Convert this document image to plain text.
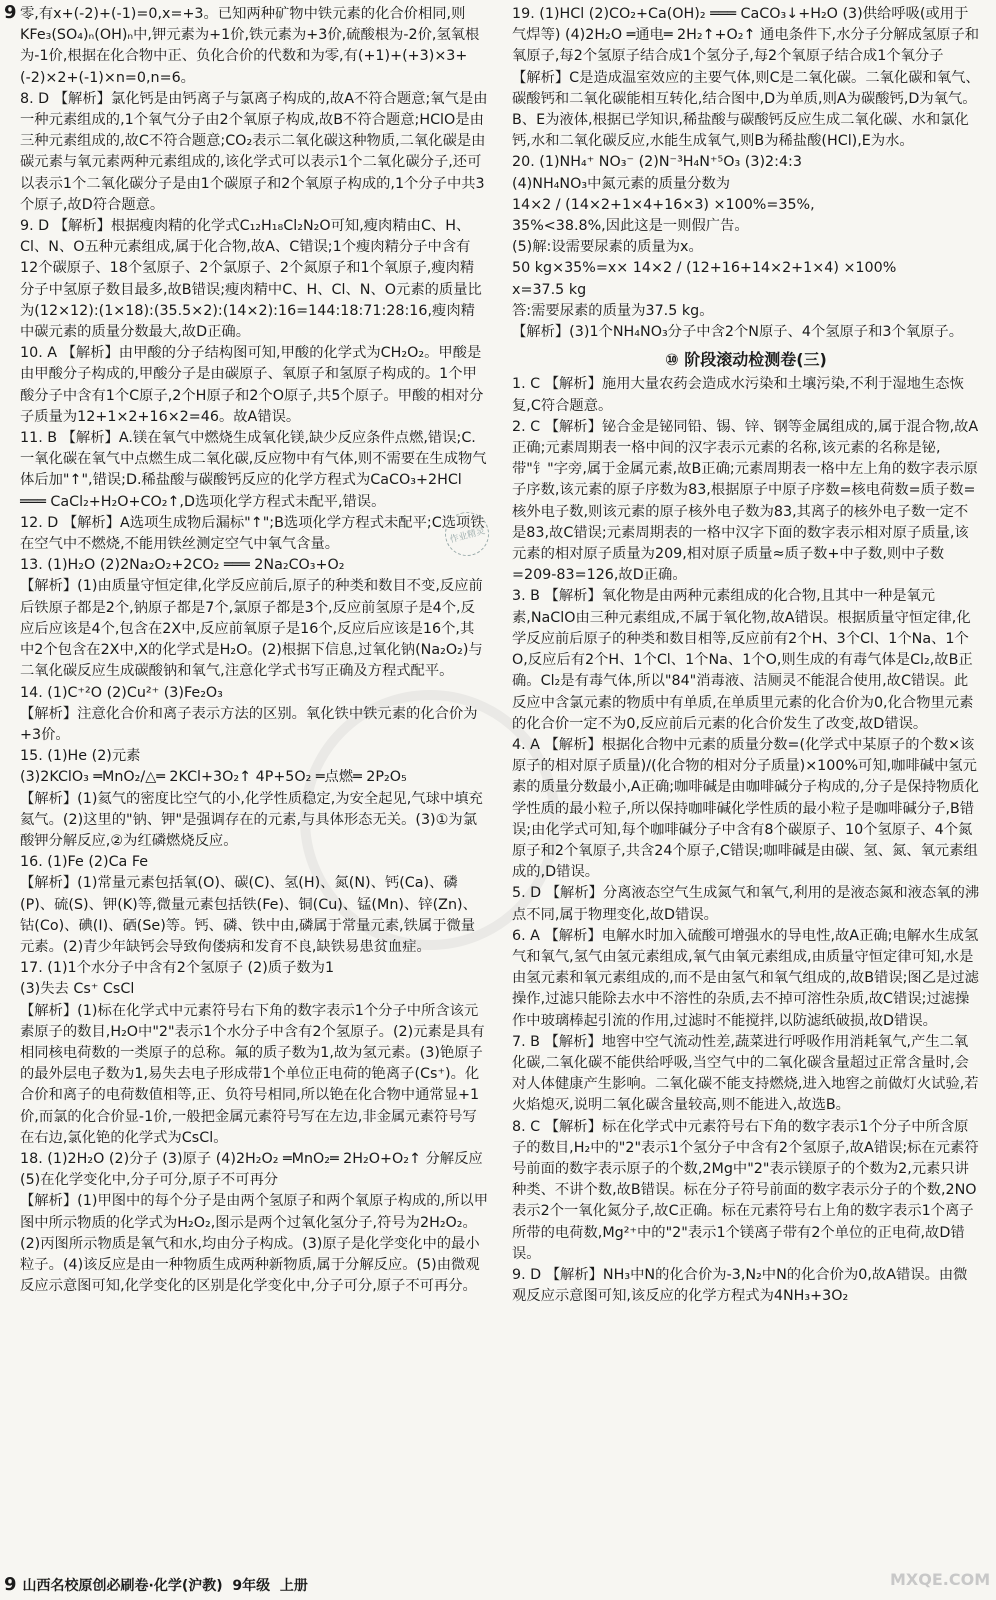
9 零,有x+(-2)+(-1)=0,x=+3。已知两种矿物中铁元素的化合价相同,则KFe₃(SO₄)ₙ(OH)ₙ中,钾元素为+1价,铁元素为+3价,硫酸根为-2价,氢氧根为-1价,根据在化合物中正、负化合价的代数和为零,有(+1)+(+3)×3+(-2)×2+(-1)×n=0,n=6。

8. D 【解析】氯化钙是由钙离子与氯离子构成的,故A不符合题意;氧气是由一种元素组成的,1个氧气分子由2个氧原子构成,故B不符合题意;HClO是由三种元素组成的,故C不符合题意;CO₂表示二氧化碳这种物质,二氧化碳是由碳元素与氧元素两种元素组成的,该化学式可以表示1个二氧化碳分子,还可以表示1个二氧化碳分子是由1个碳原子和2个氧原子构成的,1个分子中共3个原子,故D符合题意。

9. D 【解析】根据瘦肉精的化学式C₁₂H₁₈Cl₂N₂O可知,瘦肉精由C、H、Cl、N、O五种元素组成,属于化合物,故A、C错误;1个瘦肉精分子中含有12个碳原子、18个氢原子、2个氯原子、2个氮原子和1个氧原子,瘦肉精分子中氢原子数目最多,故B错误;瘦肉精中C、H、Cl、N、O元素的质量比为(12×12):(1×18):(35.5×2):(14×2):16=144:18:71:28:16,瘦肉精中碳元素的质量分数最大,故D正确。

10. A 【解析】由甲酸的分子结构图可知,甲酸的化学式为CH₂O₂。甲酸是由甲酸分子构成的,甲酸分子是由碳原子、氧原子和氢原子构成的。1个甲酸分子中含有1个C原子,2个H原子和2个O原子,共5个原子。甲酸的相对分子质量为12+1×2+16×2=46。故A错误。

11. B 【解析】A.镁在氧气中燃烧生成氧化镁,缺少反应条件点燃,错误;C.一氧化碳在氧气中点燃生成二氧化碳,反应物中有气体,则不需要在生成物气体后加"↑",错误;D.稀盐酸与碳酸钙反应的化学方程式为CaCO₃+2HCl ═══ CaCl₂+H₂O+CO₂↑,D选项化学方程式未配平,错误。

12. D 【解析】A选项生成物后漏标"↑";B选项化学方程式未配平;C选项铁在空气中不燃烧,不能用铁丝测定空气中氧气含量。

13. (1)H₂O (2)2Na₂O₂+2CO₂ ═══ 2Na₂CO₃+O₂

【解析】(1)由质量守恒定律,化学反应前后,原子的种类和数目不变,反应前后铁原子都是2个,钠原子都是7个,氯原子都是3个,反应前氢原子是4个,反应后应该是4个,包含在2X中,反应前氧原子是16个,反应后应该是16个,其中2个包含在2X中,X的化学式是H₂O。(2)根据下信息,过氧化钠(Na₂O₂)与二氧化碳反应生成碳酸钠和氧气,注意化学式书写正确及方程式配平。

14. (1)C⁺²O (2)Cu²⁺ (3)Fe₂O₃

【解析】注意化合价和离子表示方法的区别。氧化铁中铁元素的化合价为+3价。

15. (1)He (2)元素

(3)2KClO₃ ═MnO₂/△═ 2KCl+3O₂↑ 4P+5O₂ ═点燃═ 2P₂O₅

【解析】(1)氦气的密度比空气的小,化学性质稳定,为安全起见,气球中填充氦气。(2)这里的"钠、钾"是强调存在的元素,与具体形态无关。(3)①为氯酸钾分解反应,②为红磷燃烧反应。

16. (1)Fe (2)Ca Fe

【解析】(1)常量元素包括氧(O)、碳(C)、氢(H)、氮(N)、钙(Ca)、磷(P)、硫(S)、钾(K)等,微量元素包括铁(Fe)、铜(Cu)、锰(Mn)、锌(Zn)、钴(Co)、碘(I)、硒(Se)等。钙、磷、铁中由,磷属于常量元素,铁属于微量元素。(2)青少年缺钙会导致佝偻病和发育不良,缺铁易患贫血症。

17. (1)1个水分子中含有2个氢原子 (2)质子数为1

(3)失去 Cs⁺ CsCl

【解析】(1)标在化学式中元素符号右下角的数字表示1个分子中所含该元素原子的数目,H₂O中"2"表示1个水分子中含有2个氢原子。(2)元素是具有相同核电荷数的一类原子的总称。氟的质子数为1,故为氢元素。(3)铯原子的最外层电子数为1,易失去电子形成带1个单位正电荷的铯离子(Cs⁺)。化合价和离子的电荷数值相等,正、负符号相同,所以铯在化合物中通常显+1价,而氯的化合价显-1价,一般把金属元素符号写在左边,非金属元素符号写在右边,氯化铯的化学式为CsCl。

18. (1)2H₂O (2)分子 (3)原子 (4)2H₂O₂ ═MnO₂═ 2H₂O+O₂↑ 分解反应 (5)在化学变化中,分子可分,原子不可再分

【解析】(1)甲图中的每个分子是由两个氢原子和两个氧原子构成的,所以甲图中所示物质的化学式为H₂O₂,图示是两个过氧化氢分子,符号为2H₂O₂。(2)丙图所示物质是氧气和水,均由分子构成。(3)原子是化学变化中的最小粒子。(4)该反应是由一种物质生成两种新物质,属于分解反应。(5)由微观反应示意图可知,化学变化的区别是化学变化中,分子可分,原子不可再分。

作业精灵

19. (1)HCl (2)CO₂+Ca(OH)₂ ═══ CaCO₃↓+H₂O (3)供给呼吸(或用于气焊等) (4)2H₂O ═通电═ 2H₂↑+O₂↑ 通电条件下,水分子分解成氢原子和氧原子,每2个氢原子结合成1个氢分子,每2个氧原子结合成1个氧分子

【解析】C是造成温室效应的主要气体,则C是二氧化碳。二氧化碳和氧气、碳酸钙和二氧化碳能相互转化,结合图中,D为单质,则A为碳酸钙,D为氧气。B、E为液体,根据已学知识,稀盐酸与碳酸钙反应生成二氧化碳、水和氯化钙,水和二氧化碳反应,水能生成氧气,则B为稀盐酸(HCl),E为水。

20. (1)NH₄⁺ NO₃⁻ (2)N⁻³H₄N⁺⁵O₃ (3)2:4:3

(4)NH₄NO₃中氮元素的质量分数为

14×2 / (14×2+1×4+16×3) ×100%=35%,

35%<38.8%,因此这是一则假广告。

(5)解:设需要尿素的质量为x。

50 kg×35%=x× 14×2 / (12+16+14×2+1×4) ×100%

x=37.5 kg

答:需要尿素的质量为37.5 kg。

【解析】(3)1个NH₄NO₃分子中含2个N原子、4个氢原子和3个氧原子。

⑩ 阶段滚动检测卷(三)

1. C 【解析】施用大量农药会造成水污染和土壤污染,不利于湿地生态恢复,C符合题意。

2. C 【解析】铋合金是铋同铅、锡、锌、钢等金属组成的,属于混合物,故A正确;元素周期表一格中间的汉字表示元素的名称,该元素的名称是铋,带"钅"字旁,属于金属元素,故B正确;元素周期表一格中左上角的数字表示原子序数,该元素的原子序数为83,根据原子中原子序数=核电荷数=质子数=核外电子数,则该元素的原子核外电子数为83,其离子的核外电子数一定不是83,故C错误;元素周期表的一格中汉字下面的数字表示相对原子质量,该元素的相对原子质量为209,相对原子质量≈质子数+中子数,则中子数=209-83=126,故D正确。

3. B 【解析】氧化物是由两种元素组成的化合物,且其中一种是氧元素,NaClO由三种元素组成,不属于氧化物,故A错误。根据质量守恒定律,化学反应前后原子的种类和数目相等,反应前有2个H、3个Cl、1个Na、1个O,反应后有2个H、1个Cl、1个Na、1个O,则生成的有毒气体是Cl₂,故B正确。Cl₂是有毒气体,所以"84"消毒液、洁厕灵不能混合使用,故C错误。此反应中含氯元素的物质中有单质,在单质里元素的化合价为0,化合物里元素的化合价一定不为0,反应前后元素的化合价发生了改变,故D错误。

4. A 【解析】根据化合物中元素的质量分数=(化学式中某原子的个数×该原子的相对原子质量)/(化合物的相对分子质量)×100%可知,咖啡碱中氢元素的质量分数最小,A正确;咖啡碱是由咖啡碱分子构成的,分子是保持物质化学性质的最小粒子,所以保持咖啡碱化学性质的最小粒子是咖啡碱分子,B错误;由化学式可知,每个咖啡碱分子中含有8个碳原子、10个氢原子、4个氮原子和2个氧原子,共含24个原子,C错误;咖啡碱是由碳、氢、氮、氧元素组成的,D错误。

5. D 【解析】分离液态空气生成氮气和氧气,利用的是液态氮和液态氧的沸点不同,属于物理变化,故D错误。

6. A 【解析】电解水时加入硫酸可增强水的导电性,故A正确;电解水生成氢气和氧气,氢气由氢元素组成,氧气由氧元素组成,由质量守恒定律可知,水是由氢元素和氧元素组成的,而不是由氢气和氧气组成的,故B错误;图乙是过滤操作,过滤只能除去水中不溶性的杂质,去不掉可溶性杂质,故C错误;过滤操作中玻璃棒起引流的作用,过滤时不能搅拌,以防滤纸破损,故D错误。

7. B 【解析】地窖中空气流动性差,蔬菜进行呼吸作用消耗氧气,产生二氧化碳,二氧化碳不能供给呼吸,当空气中的二氧化碳含量超过正常含量时,会对人体健康产生影响。二氧化碳不能支持燃烧,进入地窖之前做灯火试验,若火焰熄灭,说明二氧化碳含量较高,则不能进入,故选B。

8. C 【解析】标在化学式中元素符号右下角的数字表示1个分子中所含原子的数目,H₂中的"2"表示1个氢分子中含有2个氢原子,故A错误;标在元素符号前面的数字表示原子的个数,2Mg中"2"表示镁原子的个数为2,元素只讲种类、不讲个数,故B错误。标在分子符号前面的数字表示分子的个数,2NO表示2个一氧化氮分子,故C正确。标在元素符号右上角的数字表示1个离子所带的电荷数,Mg²⁺中的"2"表示1个镁离子带有2个单位的正电荷,故D错误。

9. D 【解析】NH₃中N的化合价为-3,N₂中N的化合价为0,故A错误。由微观反应示意图可知,该反应的化学方程式为4NH₃+3O₂

9 山西名校原创必刷卷·化学(沪教)  9年级  上册	MXQE.COM
